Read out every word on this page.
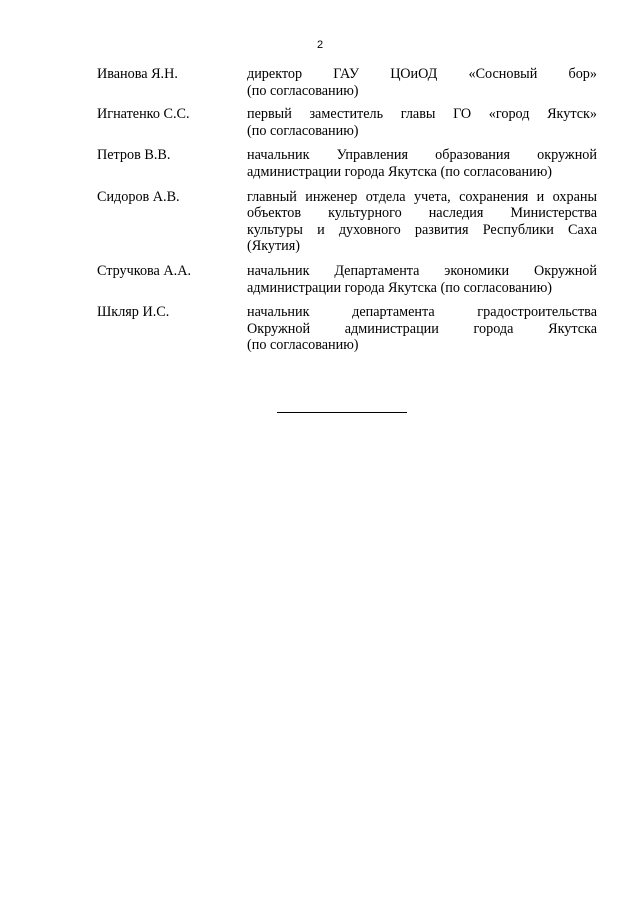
2
Иванова Я.Н.	директор ГАУ ЦОиОД «Сосновый бор»
(по согласованию)
Игнатенко С.С.	первый заместитель главы ГО «город Якутск»
(по согласованию)
Петров В.В.	начальник Управления образования окружной
администрации города Якутска (по согласованию)
Сидоров А.В.	главный инженер отдела учета, сохранения и охраны
объектов культурного наследия Министерства
культуры и духовного развития Республики Саха
(Якутия)
Стручкова А.А.	начальник Департамента экономики Окружной
администрации города Якутска (по согласованию)
Шкляр И.С.	начальник департамента градостроительства
Окружной администрации города Якутска
(по согласованию)
